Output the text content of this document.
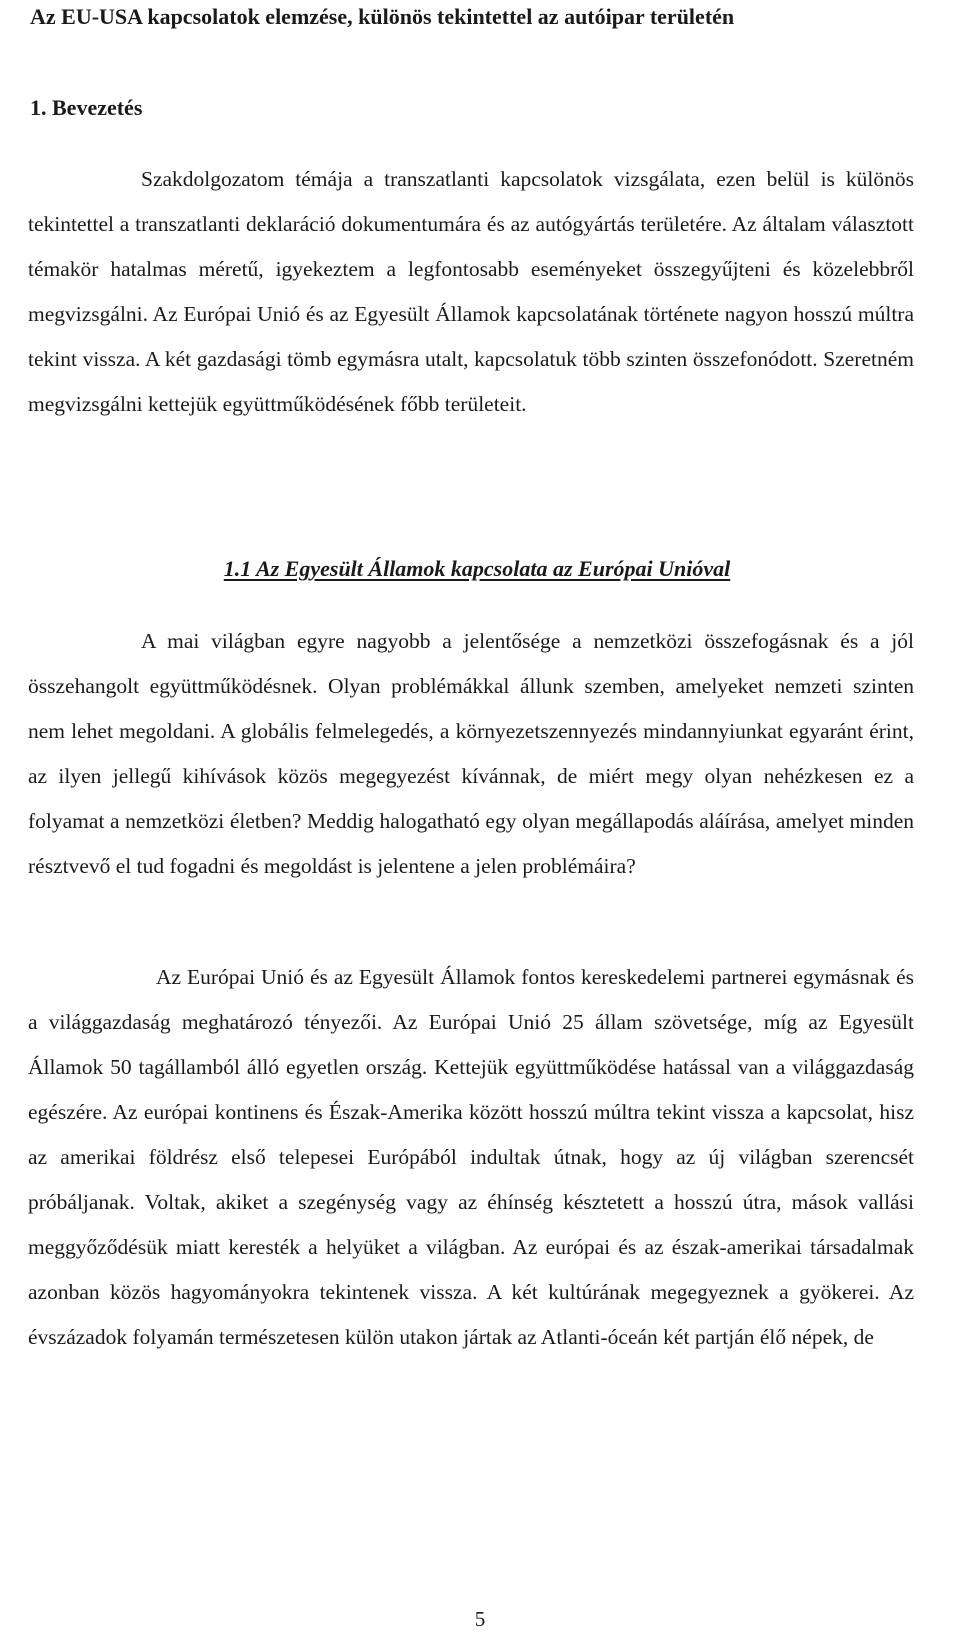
Az EU-USA kapcsolatok elemzése, különös tekintettel az autóipar területén
1. Bevezetés

Szakdolgozatom témája a transzatlanti kapcsolatok vizsgálata, ezen belül is különös tekintettel a transzatlanti deklaráció dokumentumára és az autógyártás területére. Az általam választott témakör hatalmas méretű, igyekeztem a legfontosabb eseményeket összegyűjteni és közelebbről megvizsgálni. Az Európai Unió és az Egyesült Államok kapcsolatának története nagyon hosszú múltra tekint vissza. A két gazdasági tömb egymásra utalt, kapcsolatuk több szinten összefonódott. Szeretném megvizsgálni kettejük együttműködésének főbb területeit.

1.1 Az Egyesült Államok kapcsolata az Európai Unióval

A mai világban egyre nagyobb a jelentősége a nemzetközi összefogásnak és a jól összehangolt együttműködésnek. Olyan problémákkal állunk szemben, amelyeket nemzeti szinten nem lehet megoldani. A globális felmelegedés, a környezetszennyezés mindannyiunkat egyaránt érint, az ilyen jellegű kihívások közös megegyezést kívánnak, de miért megy olyan nehézkesen ez a folyamat a nemzetközi életben? Meddig halogatható egy olyan megállapodás aláírása, amelyet minden résztvevő el tud fogadni és megoldást is jelentene a jelen problémáira?

Az Európai Unió és az Egyesült Államok fontos kereskedelemi partnerei egymásnak és a világgazdaság meghatározó tényezői. Az Európai Unió 25 állam szövetsége, míg az Egyesült Államok 50 tagállamból álló egyetlen ország. Kettejük együttműködése hatással van a világgazdaság egészére. Az európai kontinens és Észak-Amerika között hosszú múltra tekint vissza a kapcsolat, hisz az amerikai földrész első telepesei Európából indultak útnak, hogy az új világban szerencsét próbáljanak. Voltak, akiket a szegénység vagy az éhínség késztetett a hosszú útra, mások vallási meggyőződésük miatt keresték a helyüket a világban. Az európai és az észak-amerikai társadalmak azonban közös hagyományokra tekintenek vissza. A két kultúrának megegyeznek a gyökerei. Az évszázadok folyamán természetesen külön utakon jártak az Atlanti-óceán két partján élő népek, de

5
